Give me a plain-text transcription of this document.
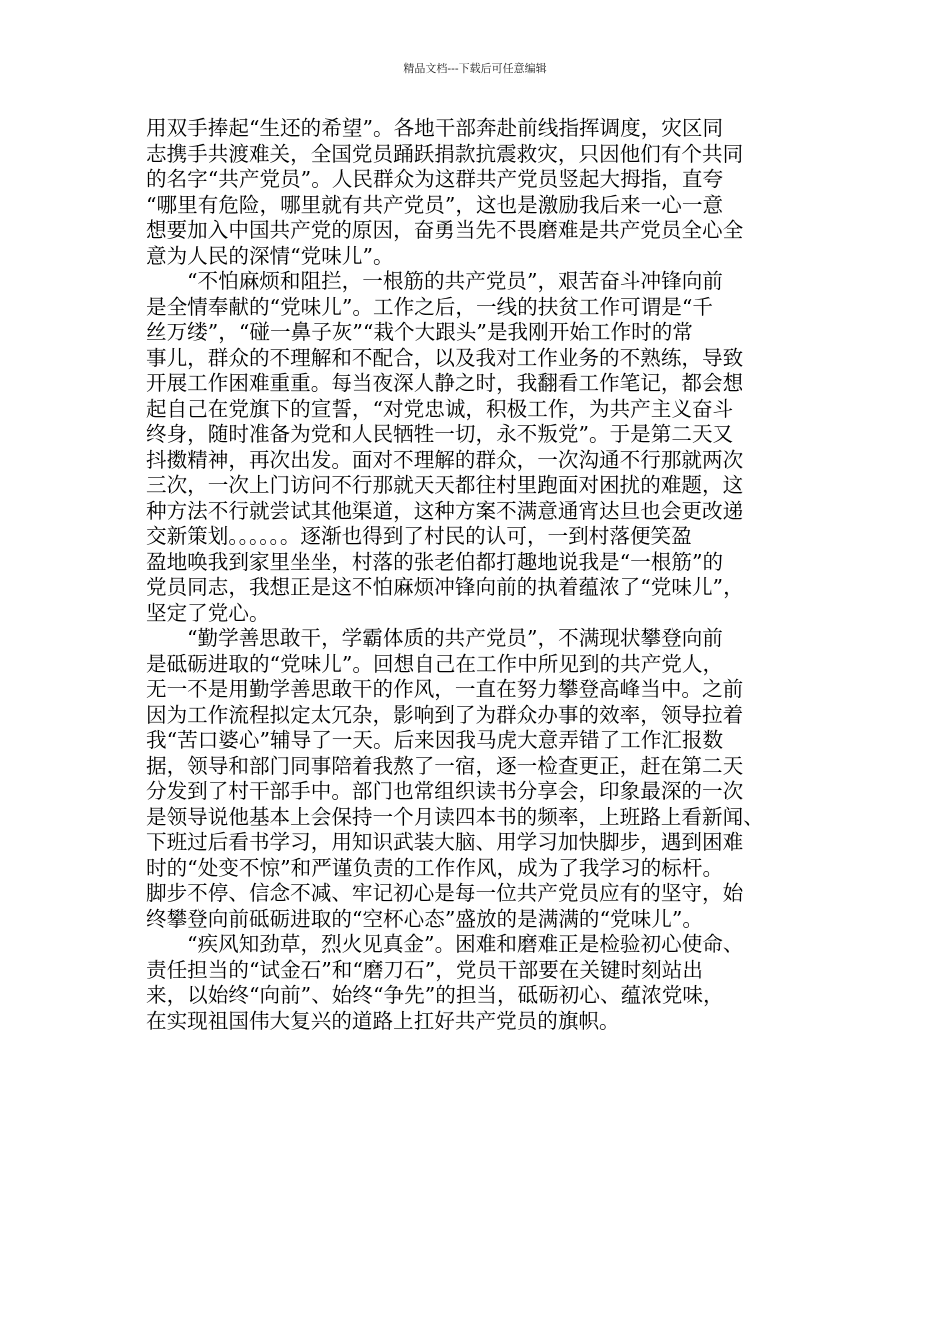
精品文档---下载后可任意编辑
用双手捧起“生还的希望”。各地干部奔赴前线指挥调度，灾区同
志携手共渡难关，全国党员踊跃捐款抗震救灾，只因他们有个共同
的名字“共产党员”。人民群众为这群共产党员竖起大拇指，直夸
“哪里有危险，哪里就有共产党员”，这也是激励我后来一心一意
想要加入中国共产党的原因，奋勇当先不畏磨难是共产党员全心全
意为人民的深情“党味儿”。
“不怕麻烦和阻拦，一根筋的共产党员”，艰苦奋斗冲锋向前
是全情奉献的“党味儿”。工作之后，一线的扶贫工作可谓是“千
丝万缕”，“碰一鼻子灰”“栽个大跟头”是我刚开始工作时的常
事儿，群众的不理解和不配合，以及我对工作业务的不熟练，导致
开展工作困难重重。每当夜深人静之时，我翻看工作笔记，都会想
起自己在党旗下的宣誓，“对党忠诚，积极工作，为共产主义奋斗
终身，随时准备为党和人民牺牲一切，永不叛党”。于是第二天又
抖擞精神，再次出发。面对不理解的群众，一次沟通不行那就两次
三次，一次上门访问不行那就天天都往村里跑面对困扰的难题，这
种方法不行就尝试其他渠道，这种方案不满意通宵达旦也会更改递
交新策划。。。。。。逐渐也得到了村民的认可，一到村落便笑盈
盈地唤我到家里坐坐，村落的张老伯都打趣地说我是“一根筋”的
党员同志，我想正是这不怕麻烦冲锋向前的执着蕴浓了“党味儿”，
坚定了党心。
“勤学善思敢干，学霸体质的共产党员”，不满现状攀登向前
是砥砺进取的“党味儿”。回想自己在工作中所见到的共产党人，
无一不是用勤学善思敢干的作风，一直在努力攀登高峰当中。之前
因为工作流程拟定太冗杂，影响到了为群众办事的效率，领导拉着
我“苦口婆心”辅导了一天。后来因我马虎大意弄错了工作汇报数
据，领导和部门同事陪着我熬了一宿，逐一检查更正，赶在第二天
分发到了村干部手中。部门也常组织读书分享会，印象最深的一次
是领导说他基本上会保持一个月读四本书的频率，上班路上看新闻、
下班过后看书学习，用知识武装大脑、用学习加快脚步，遇到困难
时的“处变不惊”和严谨负责的工作作风，成为了我学习的标杆。
脚步不停、信念不减、牢记初心是每一位共产党员应有的坚守，始
终攀登向前砥砺进取的“空杯心态”盛放的是满满的“党味儿”。
“疾风知劲草，烈火见真金”。困难和磨难正是检验初心使命、
责任担当的“试金石”和“磨刀石”，党员干部要在关键时刻站出
来，以始终“向前”、始终“争先”的担当，砥砺初心、蕴浓党味，
在实现祖国伟大复兴的道路上扛好共产党员的旗帜。
